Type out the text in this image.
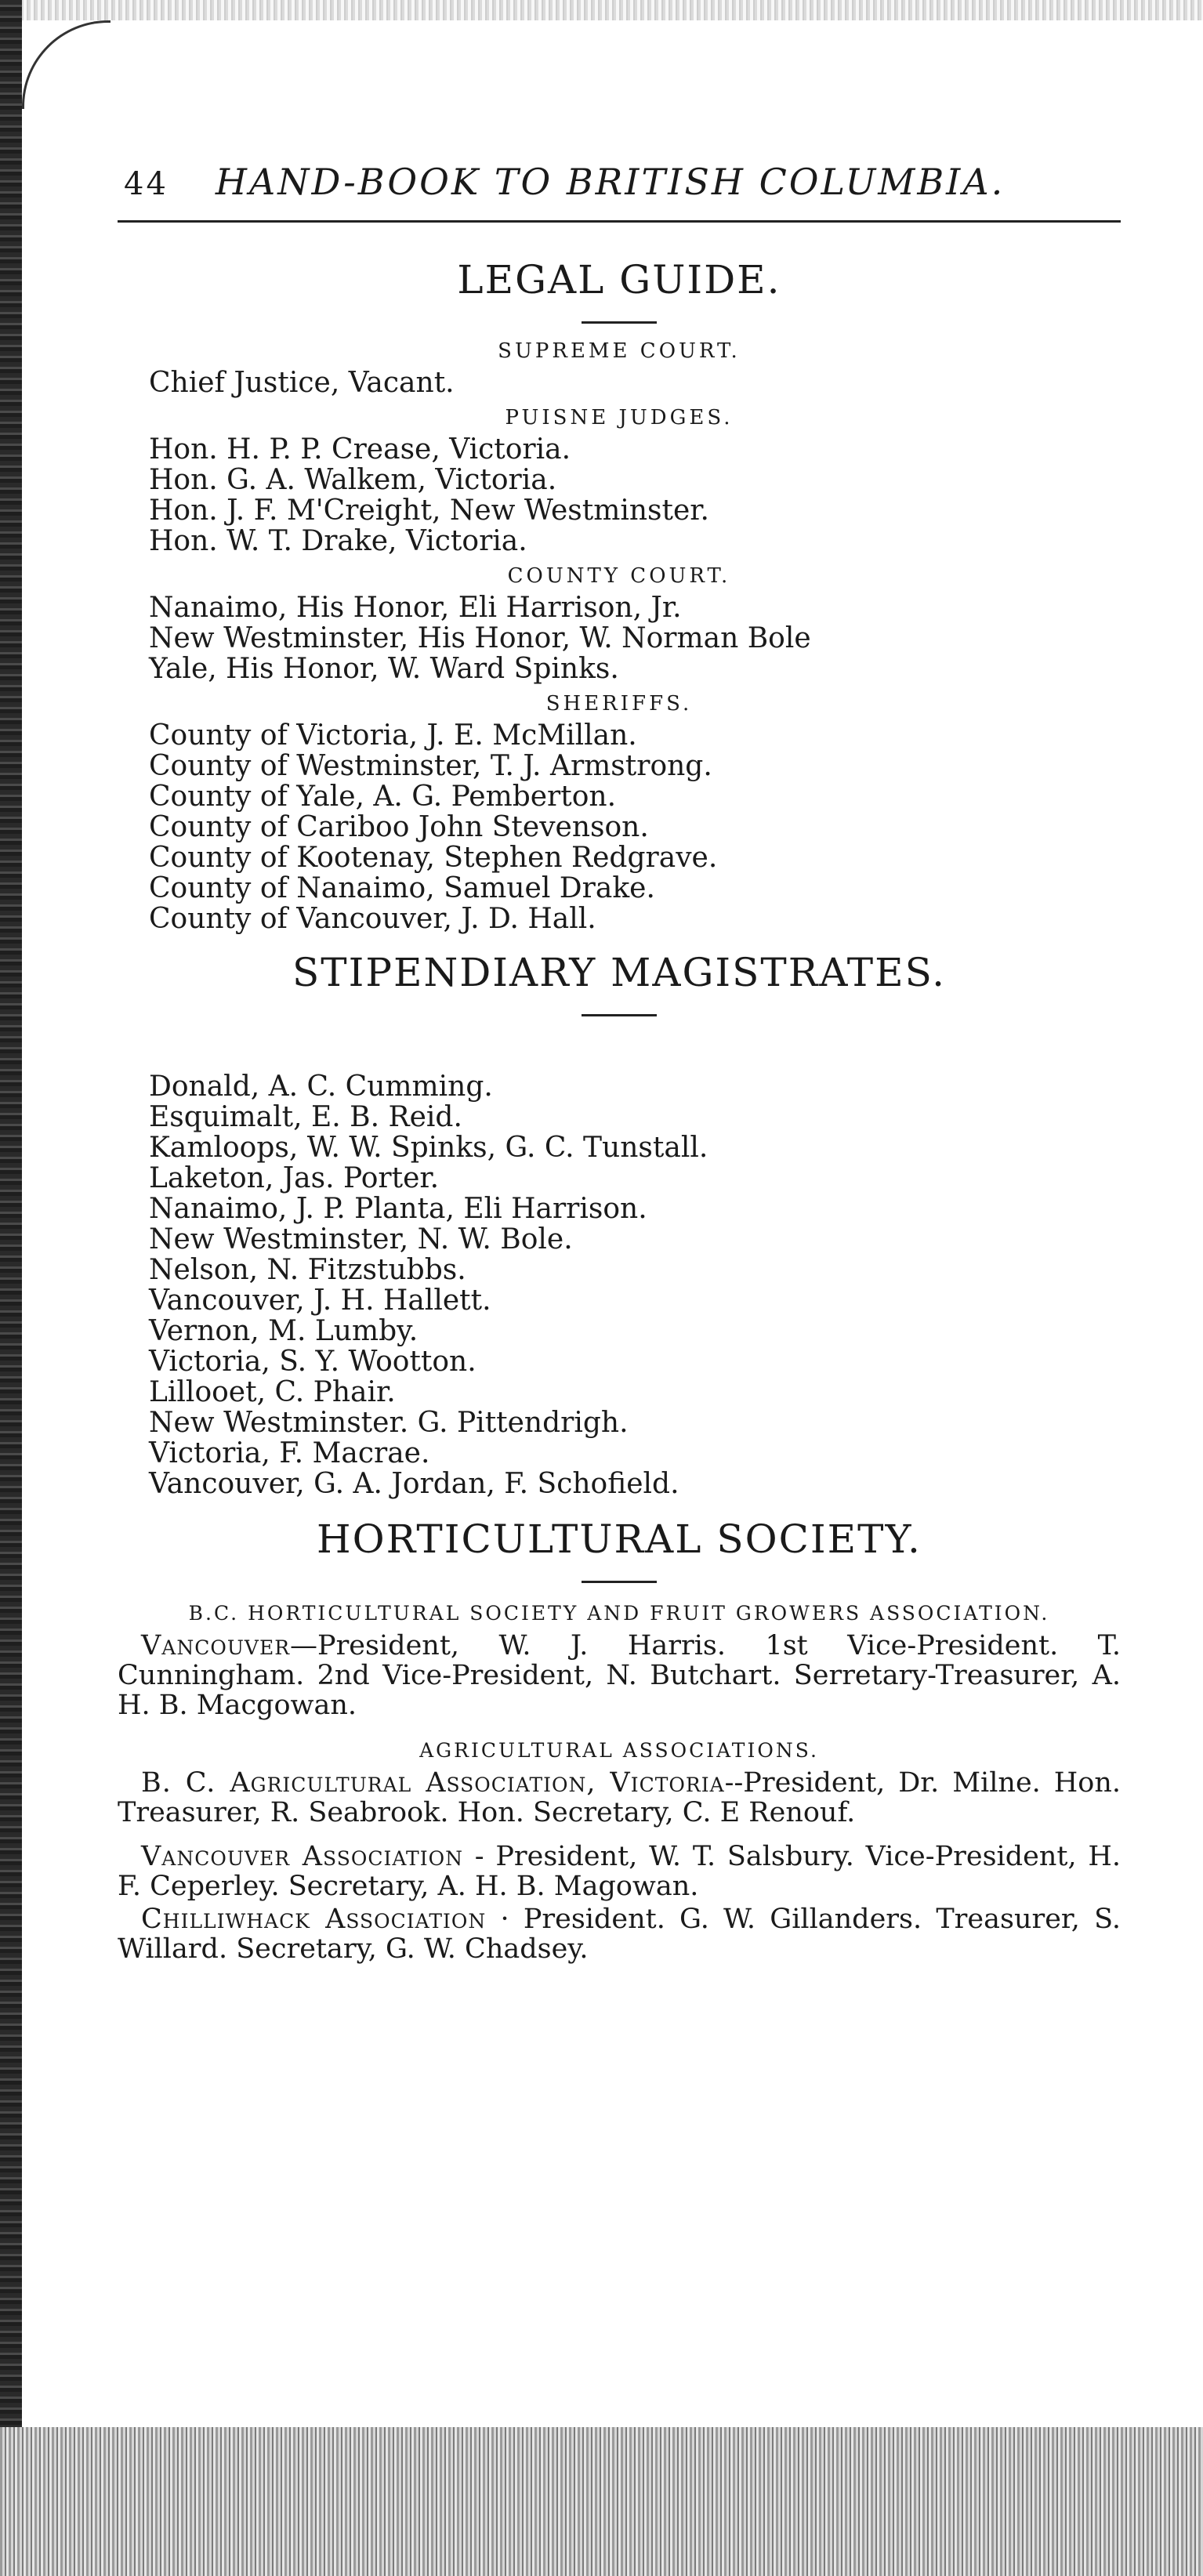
44 HAND-BOOK TO BRITISH COLUMBIA.
LEGAL GUIDE.
SUPREME COURT.
Chief Justice, Vacant.
PUISNE JUDGES.
Hon. H. P. P. Crease, Victoria.
Hon. G. A. Walkem, Victoria.
Hon. J. F. M'Creight, New Westminster.
Hon. W. T. Drake, Victoria.
COUNTY COURT.
Nanaimo, His Honor, Eli Harrison, Jr.
New Westminster, His Honor, W. Norman Bole
Yale, His Honor, W. Ward Spinks.
SHERIFFS.
County of Victoria, J. E. McMillan.
County of Westminster, T. J. Armstrong.
County of Yale, A. G. Pemberton.
County of Cariboo John Stevenson.
County of Kootenay, Stephen Redgrave.
County of Nanaimo, Samuel Drake.
County of Vancouver, J. D. Hall.
STIPENDIARY MAGISTRATES.
Donald, A. C. Cumming.
Esquimalt, E. B. Reid.
Kamloops, W. W. Spinks, G. C. Tunstall.
Laketon, Jas. Porter.
Nanaimo, J. P. Planta, Eli Harrison.
New Westminster, N. W. Bole.
Nelson, N. Fitzstubbs.
Vancouver, J. H. Hallett.
Vernon, M. Lumby.
Victoria, S. Y. Wootton.
Lillooet, C. Phair.
New Westminster. G. Pittendrigh.
Victoria, F. Macrae.
Vancouver, G. A. Jordan, F. Schofield.
HORTICULTURAL SOCIETY.
B.C. HORTICULTURAL SOCIETY AND FRUIT GROWERS ASSOCIATION.

Vancouver—President, W. J. Harris. 1st Vice-President. T. Cunningham. 2nd Vice-President, N. Butchart. Serretary-Treasurer, A. H. B. Macgowan.

AGRICULTURAL ASSOCIATIONS.

B. C. Agricultural Association, Victoria--President, Dr. Milne. Hon. Treasurer, R. Seabrook. Hon. Secretary, C. E Renouf.

Vancouver Association - President, W. T. Salsbury. Vice-President, H. F. Ceperley. Secretary, A. H. B. Magowan.

Chilliwhack Association · President. G. W. Gillanders. Treasurer, S. Willard. Secretary, G. W. Chadsey.
